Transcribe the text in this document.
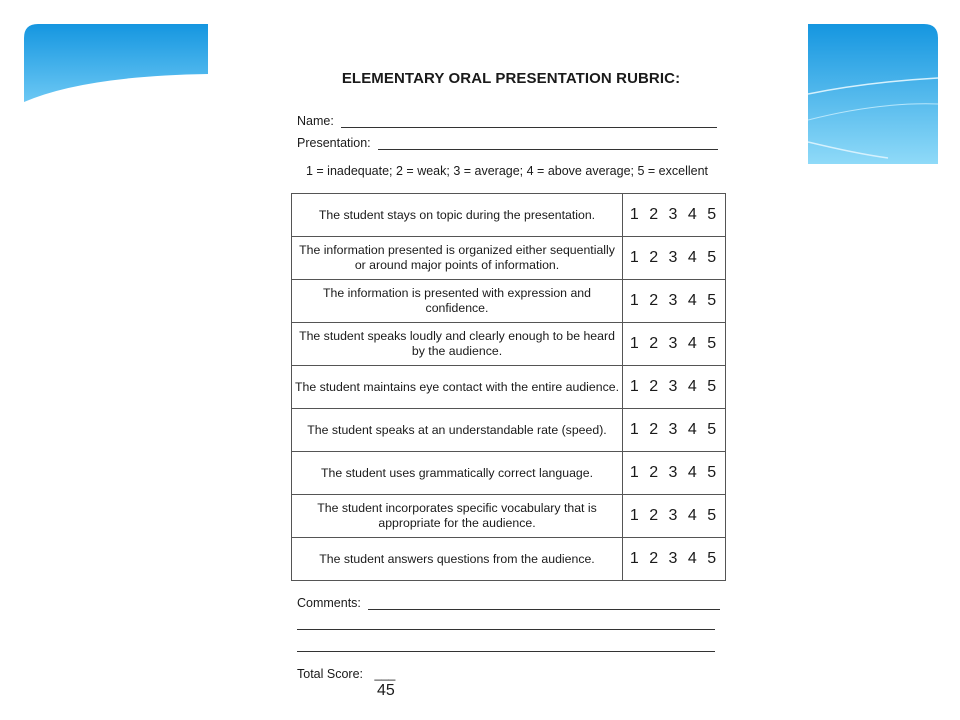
ELEMENTARY ORAL PRESENTATION RUBRIC:
Name:
Presentation:
1 = inadequate; 2 = weak; 3 = average; 4 = above average; 5 = excellent
The student stays on topic during the presentation.	1 2 3 4 5
The information presented is organized either sequentially or around major points of information.	1 2 3 4 5
The information is presented with expression and confidence.	1 2 3 4 5
The student speaks loudly and clearly enough to be heard by the audience.	1 2 3 4 5
The student maintains eye contact with the entire audience.	1 2 3 4 5
The student speaks at an understandable rate (speed).	1 2 3 4 5
The student uses grammatically correct language.	1 2 3 4 5
The student incorporates specific vocabulary that is appropriate for the audience.	1 2 3 4 5
The student answers questions from the audience.	1 2 3 4 5
Comments:
Total Score: ___
45
